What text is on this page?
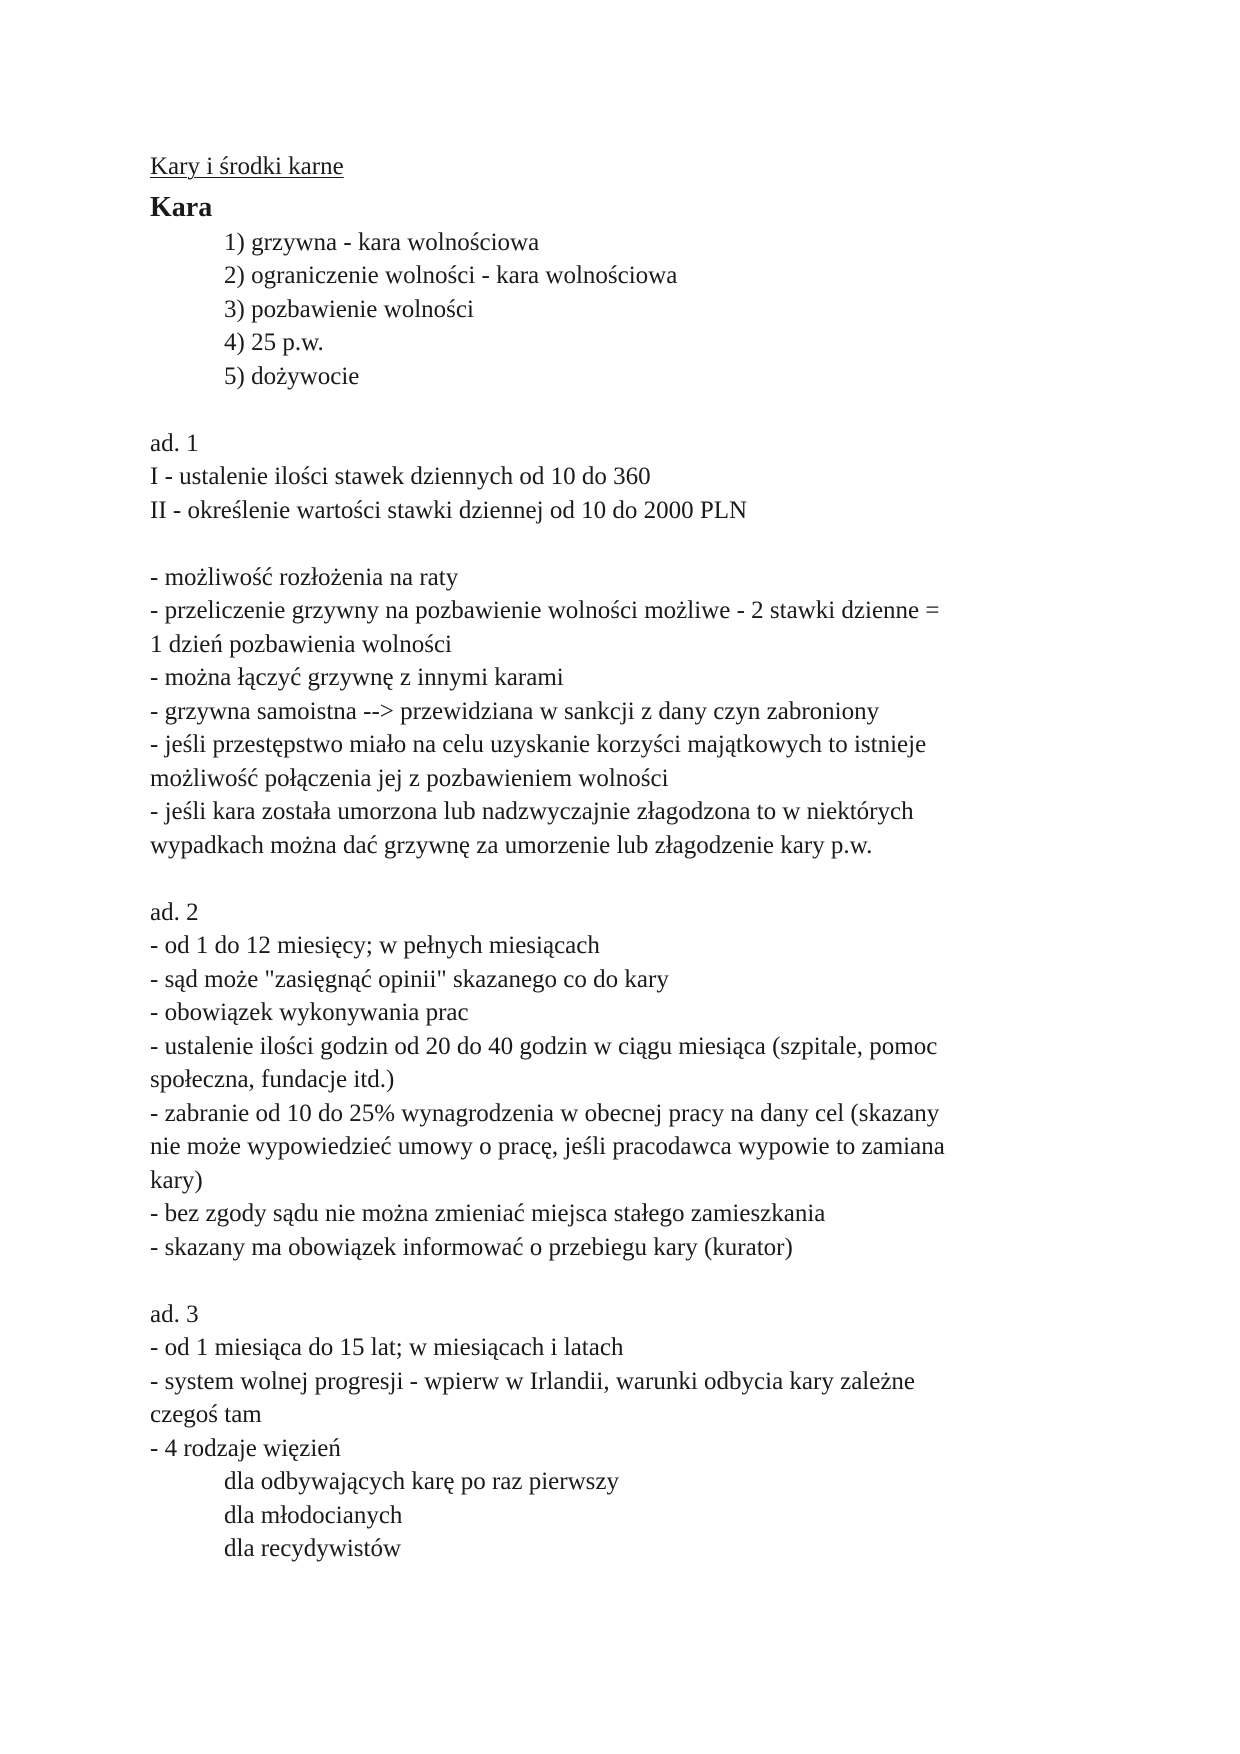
Kary i środki karne
Kara
1) grzywna - kara wolnościowa
2) ograniczenie wolności - kara wolnościowa
3) pozbawienie wolności
4) 25 p.w.
5) dożywocie
ad. 1
I - ustalenie ilości stawek dziennych od 10 do 360
II - określenie wartości stawki dziennej od 10 do 2000 PLN
- możliwość rozłożenia na raty
- przeliczenie grzywny na pozbawienie wolności możliwe - 2 stawki dzienne =
1 dzień pozbawienia wolności
- można łączyć grzywnę z innymi karami
- grzywna samoistna --> przewidziana w sankcji z dany czyn zabroniony
- jeśli przestępstwo miało na celu uzyskanie korzyści majątkowych to istnieje
możliwość połączenia jej z pozbawieniem wolności
- jeśli kara została umorzona lub nadzwyczajnie złagodzona to w niektórych
wypadkach można dać grzywnę za umorzenie lub złagodzenie kary p.w.
ad. 2
- od 1 do 12 miesięcy; w pełnych miesiącach
- sąd może "zasięgnąć opinii" skazanego co do kary
- obowiązek wykonywania prac
- ustalenie ilości godzin od 20 do 40 godzin w ciągu miesiąca (szpitale, pomoc
społeczna, fundacje itd.)
- zabranie od 10 do 25% wynagrodzenia w obecnej pracy na dany cel (skazany
nie może wypowiedzieć umowy o pracę, jeśli pracodawca wypowie to zamiana
kary)
- bez zgody sądu nie można zmieniać miejsca stałego zamieszkania
- skazany ma obowiązek informować o przebiegu kary (kurator)
ad. 3
- od 1 miesiąca do 15 lat; w miesiącach i latach
- system wolnej progresji - wpierw w Irlandii, warunki odbycia kary zależne
czegoś tam
- 4 rodzaje więzień
dla odbywających karę po raz pierwszy
dla młodocianych
dla recydywistów
